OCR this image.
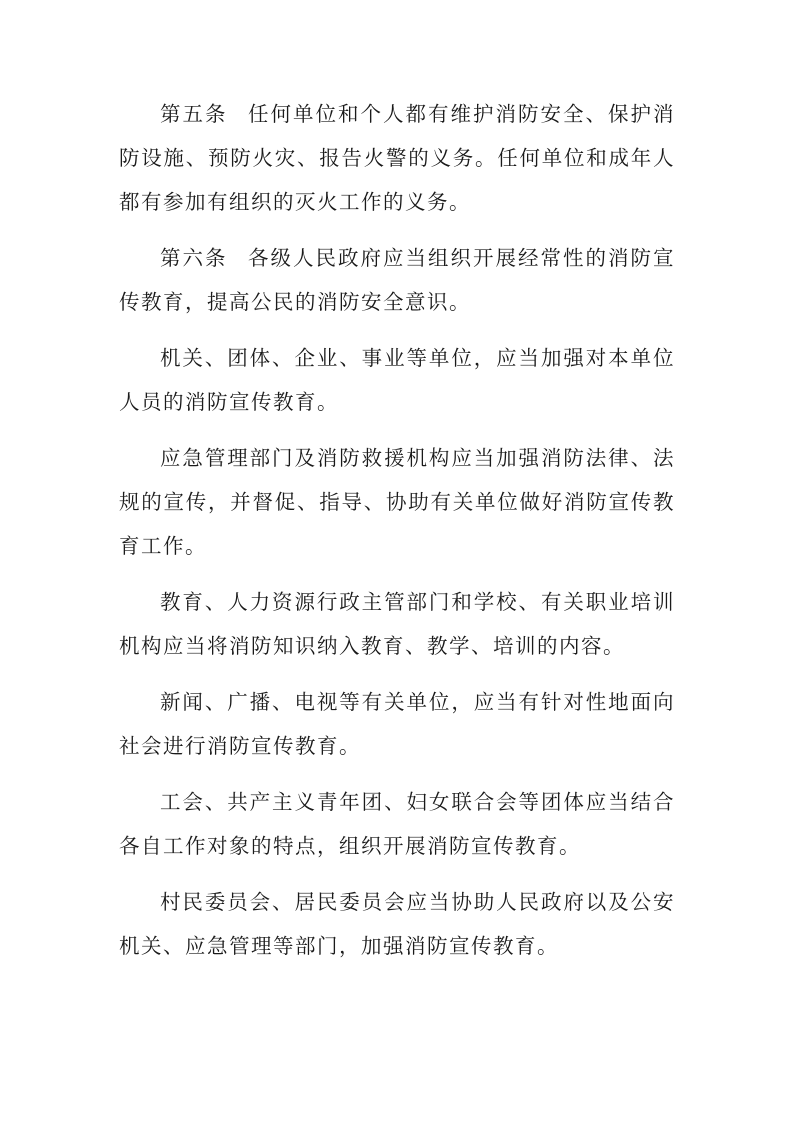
第五条 任何单位和个人都有维护消防安全、保护消防设施、预防火灾、报告火警的义务。任何单位和成年人都有参加有组织的灭火工作的义务。

第六条 各级人民政府应当组织开展经常性的消防宣传教育，提高公民的消防安全意识。

机关、团体、企业、事业等单位，应当加强对本单位人员的消防宣传教育。

应急管理部门及消防救援机构应当加强消防法律、法规的宣传，并督促、指导、协助有关单位做好消防宣传教育工作。

教育、人力资源行政主管部门和学校、有关职业培训机构应当将消防知识纳入教育、教学、培训的内容。

新闻、广播、电视等有关单位，应当有针对性地面向社会进行消防宣传教育。

工会、共产主义青年团、妇女联合会等团体应当结合各自工作对象的特点，组织开展消防宣传教育。

村民委员会、居民委员会应当协助人民政府以及公安机关、应急管理等部门，加强消防宣传教育。
